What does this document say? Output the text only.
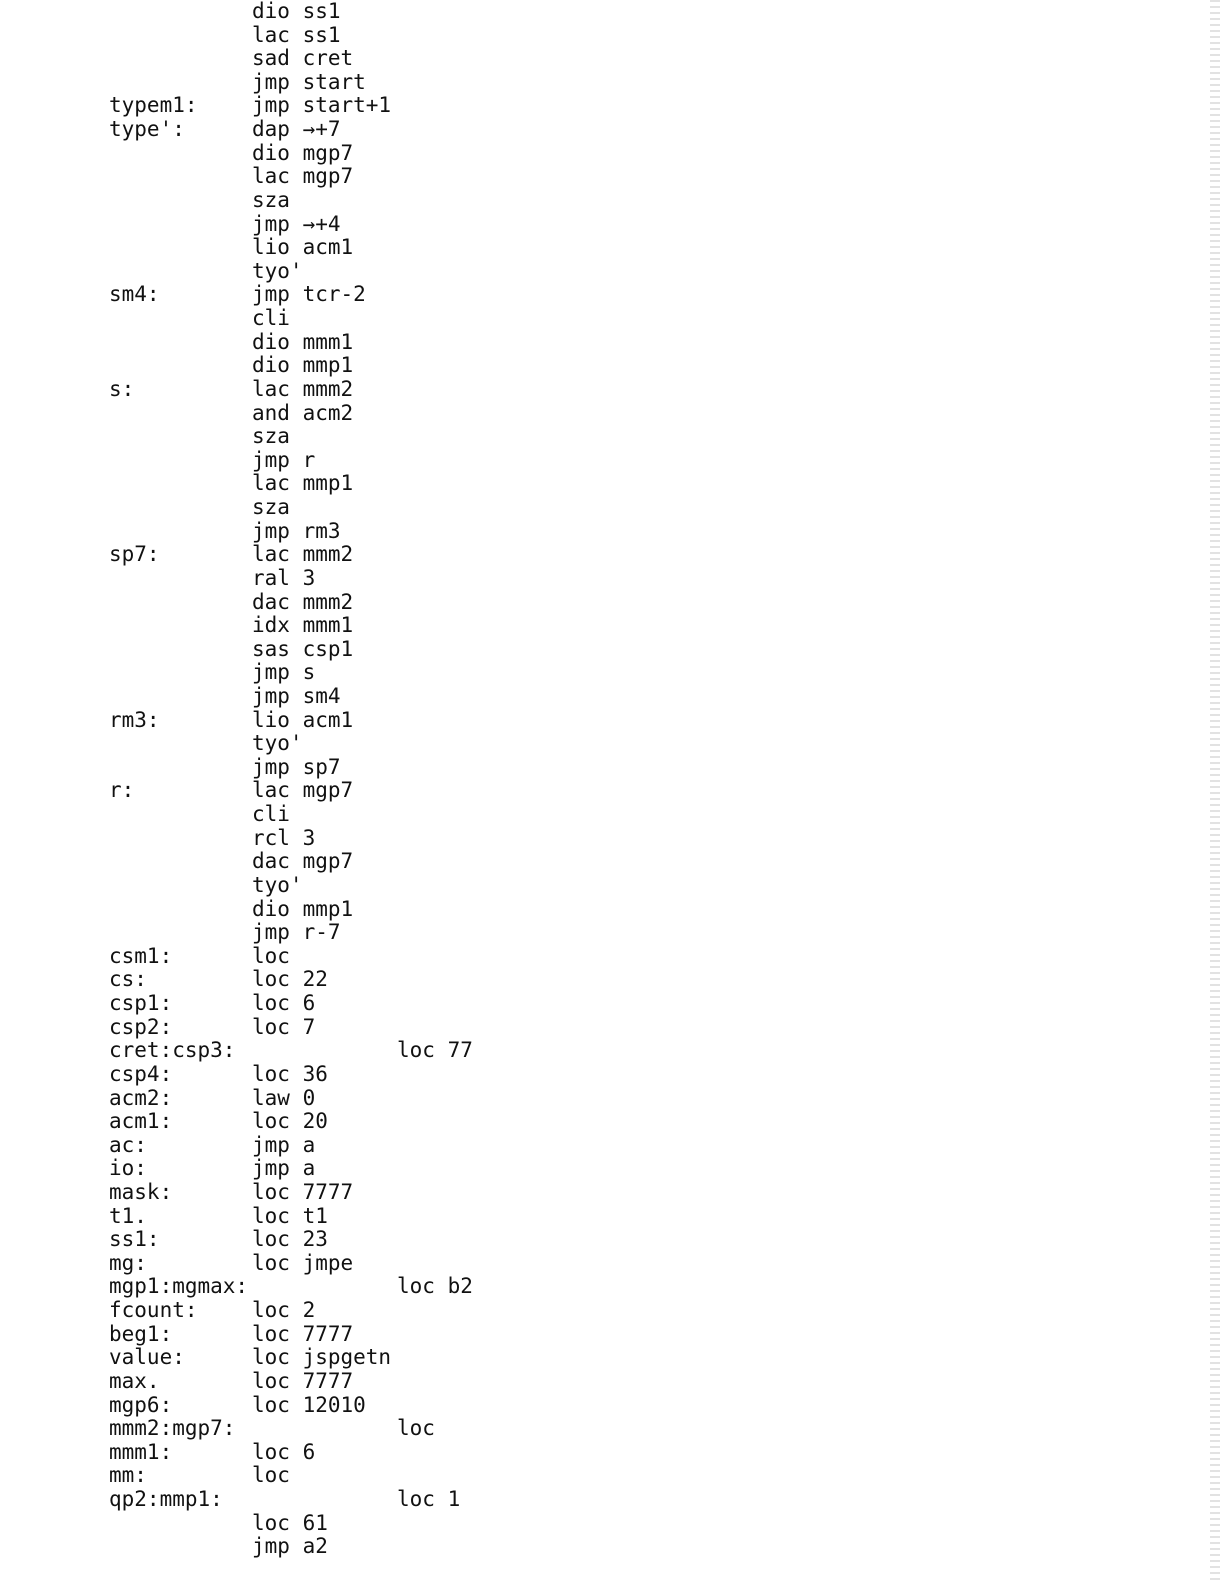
dio ss1
lac ss1
sad cret
jmp start
typem1:	jmp start+1
type':	dap →+7
dio mgp7
lac mgp7
sza
jmp →+4
lio acm1
tyo'
sm4:	jmp tcr-2
cli
dio mmm1
dio mmp1
s:	lac mmm2
and acm2
sza
jmp r
lac mmp1
sza
jmp rm3
sp7:	lac mmm2
ral 3
dac mmm2
idx mmm1
sas csp1
jmp s
jmp sm4
rm3:	lio acm1
tyo'
jmp sp7
r:	lac mgp7
cli
rcl 3
dac mgp7
tyo'
dio mmp1
jmp r-7
csm1:	loc
cs:	loc 22
csp1:	loc 6
csp2:	loc 7
cret:csp3:	loc 77
csp4:	loc 36
acm2:	law 0
acm1:	loc 20
ac:	jmp a
io:	jmp a
mask:	loc 7777
t1.	loc t1
ss1:	loc 23
mg:	loc jmpe
mgp1:mgmax:	loc b2
fcount:	loc 2
beg1:	loc 7777
value:	loc jspgetn
max.	loc 7777
mgp6:	loc 12010
mmm2:mgp7:	loc
mmm1:	loc 6
mm:	loc
qp2:mmp1:	loc 1
loc 61
jmp a2
